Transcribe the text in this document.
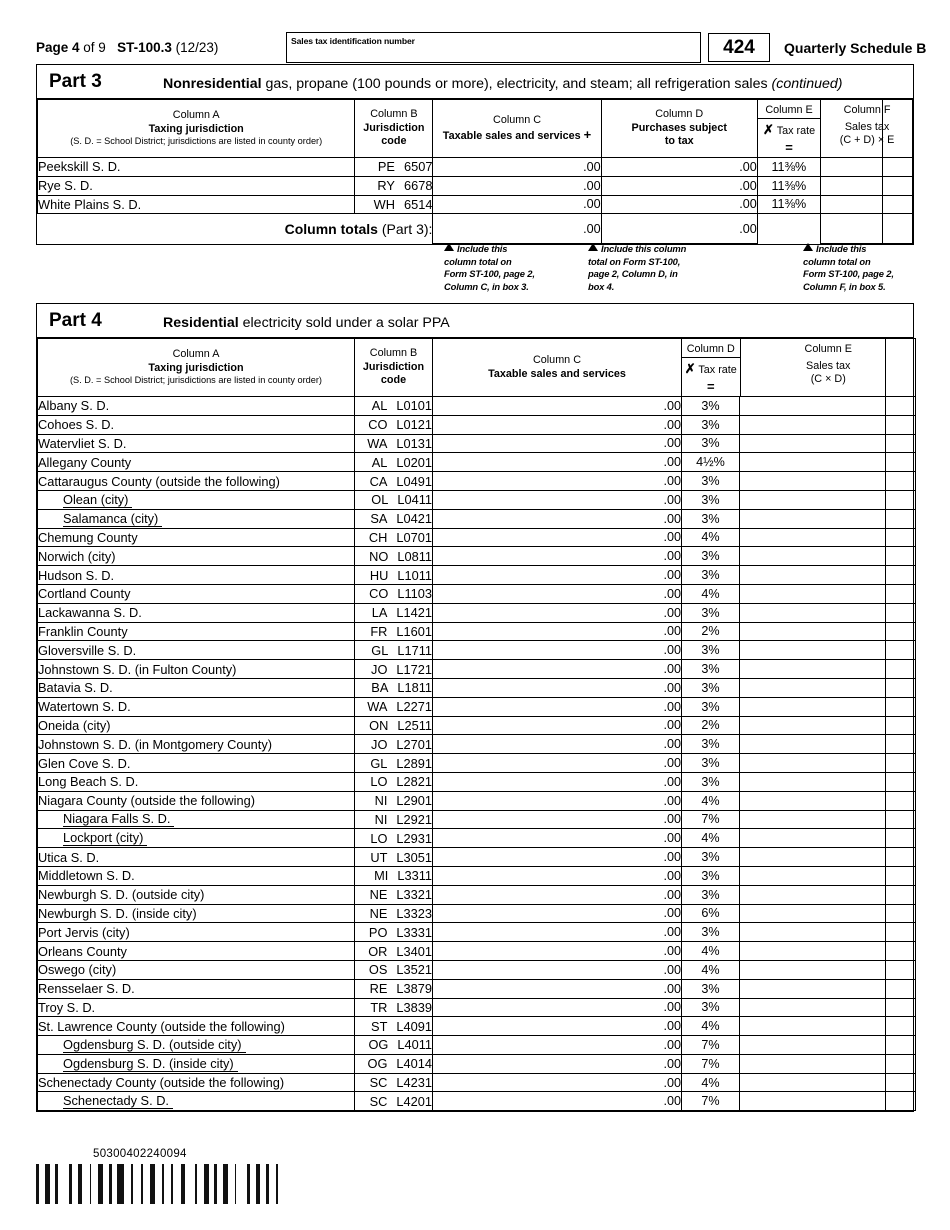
Page 4 of 9 ST-100.3 (12/23)	Sales tax identification number	424	Quarterly Schedule B
Part 3	Nonresidential gas, propane (100 pounds or more), electricity, and steam; all refrigeration sales (continued)
Column A
Taxing jurisdiction
(S. D. = School District; jurisdictions are listed in county order)

Column B
Jurisdiction
code

Column C
Taxable sales and services +

Column D
Purchases subject
to tax

Column E	Column F
✗ Tax rate =	
Sales tax
(C + D) × E

Peekskill S. D.	PE 6507	.00	.00	11⅜%		
Rye S. D.	RY 6678	.00	.00	11⅜%		
White Plains S. D.	WH 6514	.00	.00	11⅜%		
Column totals (Part 3):	.00	.00			
Include this
column total on
Form ST-100, page 2,
Column C, in box 3.
Include this column
total on Form ST-100,
page 2, Column D, in
box 4.
Include this
column total on
Form ST-100, page 2,
Column F, in box 5.
Part 4	Residential electricity sold under a solar PPA
Column A
Taxing jurisdiction
(S. D. = School District; jurisdictions are listed in county order)

Column B
Jurisdiction
code

Column C
Taxable sales and services

Column D	Column E
✗ Tax rate =	
Sales tax
(C × D)

Albany S. D.	AL L0101	.00	3%		
Cohoes S. D.	CO L0121	.00	3%		
Watervliet S. D.	WA L0131	.00	3%		
Allegany County	AL L0201	.00	4½%		
Cattaraugus County (outside the following)	CA L0491	.00	3%		
Olean (city)	OL L0411	.00	3%		
Salamanca (city)	SA L0421	.00	3%		
Chemung County	CH L0701	.00	4%		
Norwich (city)	NO L0811	.00	3%		
Hudson S. D.	HU L1011	.00	3%		
Cortland County	CO L1103	.00	4%		
Lackawanna S. D.	LA L1421	.00	3%		
Franklin County	FR L1601	.00	2%		
Gloversville S. D.	GL L1711	.00	3%		
Johnstown S. D. (in Fulton County)	JO L1721	.00	3%		
Batavia S. D.	BA L1811	.00	3%		
Watertown S. D.	WA L2271	.00	3%		
Oneida (city)	ON L2511	.00	2%		
Johnstown S. D. (in Montgomery County)	JO L2701	.00	3%		
Glen Cove S. D.	GL L2891	.00	3%		
Long Beach S. D.	LO L2821	.00	3%		
Niagara County (outside the following)	NI L2901	.00	4%		
Niagara Falls S. D.	NI L2921	.00	7%		
Lockport (city)	LO L2931	.00	4%		
Utica S. D.	UT L3051	.00	3%		
Middletown S. D.	MI L3311	.00	3%		
Newburgh S. D. (outside city)	NE L3321	.00	3%		
Newburgh S. D. (inside city)	NE L3323	.00	6%		
Port Jervis (city)	PO L3331	.00	3%		
Orleans County	OR L3401	.00	4%		
Oswego (city)	OS L3521	.00	4%		
Rensselaer S. D.	RE L3879	.00	3%		
Troy S. D.	TR L3839	.00	3%		
St. Lawrence County (outside the following)	ST L4091	.00	4%		
Ogdensburg S. D. (outside city)	OG L4011	.00	7%		
Ogdensburg S. D. (inside city)	OG L4014	.00	7%		
Schenectady County (outside the following)	SC L4231	.00	4%		
Schenectady S. D.	SC L4201	.00	7%		
50300402240094
